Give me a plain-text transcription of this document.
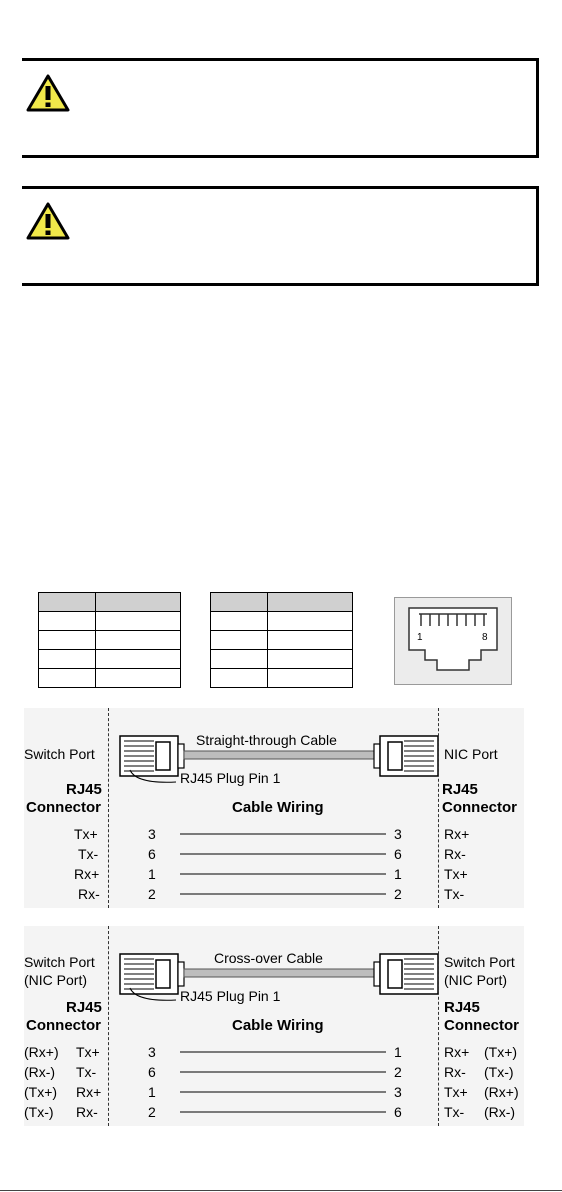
1	8
Switch Port	NIC Port
Straight-through Cable
RJ45 Plug Pin 1
RJ45
Connector
RJ45
Connector
Cable Wiring
Tx+	3	3	Rx+
Tx-	6	6	Rx-
Rx+	1	1	Tx+
Rx-	2	2	Tx-
Switch Port
(NIC Port)
Switch Port
(NIC Port)
Cross-over Cable
RJ45 Plug Pin 1
RJ45
Connector
RJ45
Connector
Cable Wiring
(Rx+) Tx+	3	1	Rx+ (Tx+)
(Rx-) Tx-	6	2	Rx- (Tx-)
(Tx+) Rx+	1	3	Tx+ (Rx+)
(Tx-) Rx-	2	6	Tx- (Rx-)
